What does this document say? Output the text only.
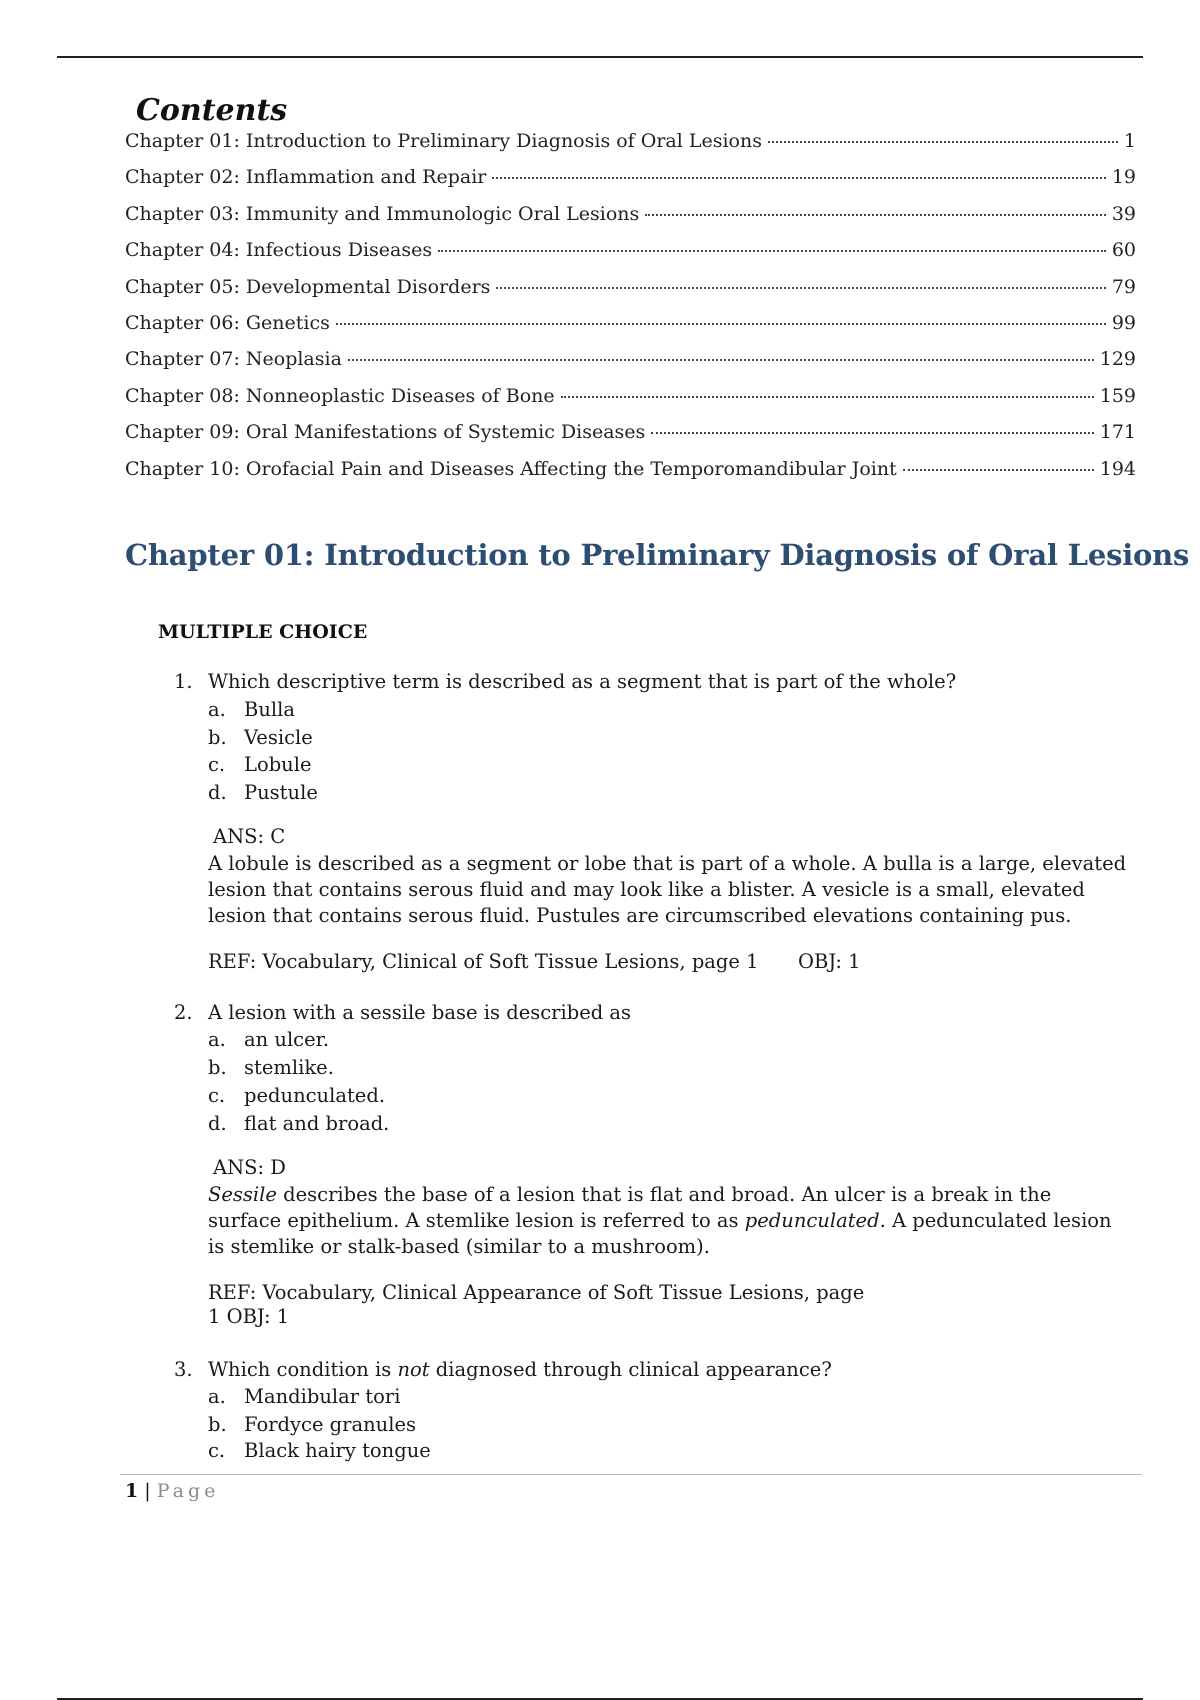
Contents
Chapter 01: Introduction to Preliminary Diagnosis of Oral Lesions	1
Chapter 02: Inflammation and Repair	19
Chapter 03: Immunity and Immunologic Oral Lesions	39
Chapter 04: Infectious Diseases	60
Chapter 05: Developmental Disorders	79
Chapter 06: Genetics	99
Chapter 07: Neoplasia	129
Chapter 08: Nonneoplastic Diseases of Bone	159
Chapter 09: Oral Manifestations of Systemic Diseases	171
Chapter 10: Orofacial Pain and Diseases Affecting the Temporomandibular Joint	194
Chapter 01: Introduction to Preliminary Diagnosis of Oral Lesions
MULTIPLE CHOICE
1. Which descriptive term is described as a segment that is part of the whole?
a. Bulla
b. Vesicle
c. Lobule
d. Pustule
ANS: C

A lobule is described as a segment or lobe that is part of a whole. A bulla is a large, elevated lesion that contains serous fluid and may look like a blister. A vesicle is a small, elevated lesion that contains serous fluid. Pustules are circumscribed elevations containing pus.

REF: Vocabulary, Clinical of Soft Tissue Lesions, page 1 OBJ: 1
2. A lesion with a sessile base is described as
a. an ulcer.
b. stemlike.
c. pedunculated.
d. flat and broad.
ANS: D

Sessile describes the base of a lesion that is flat and broad. An ulcer is a break in the surface epithelium. A stemlike lesion is referred to as pedunculated. A pedunculated lesion is stemlike or stalk-based (similar to a mushroom).

REF: Vocabulary, Clinical Appearance of Soft Tissue Lesions, page
1 OBJ: 1
3. Which condition is not diagnosed through clinical appearance?
a. Mandibular tori
b. Fordyce granules
c. Black hairy tongue
1 | Page
